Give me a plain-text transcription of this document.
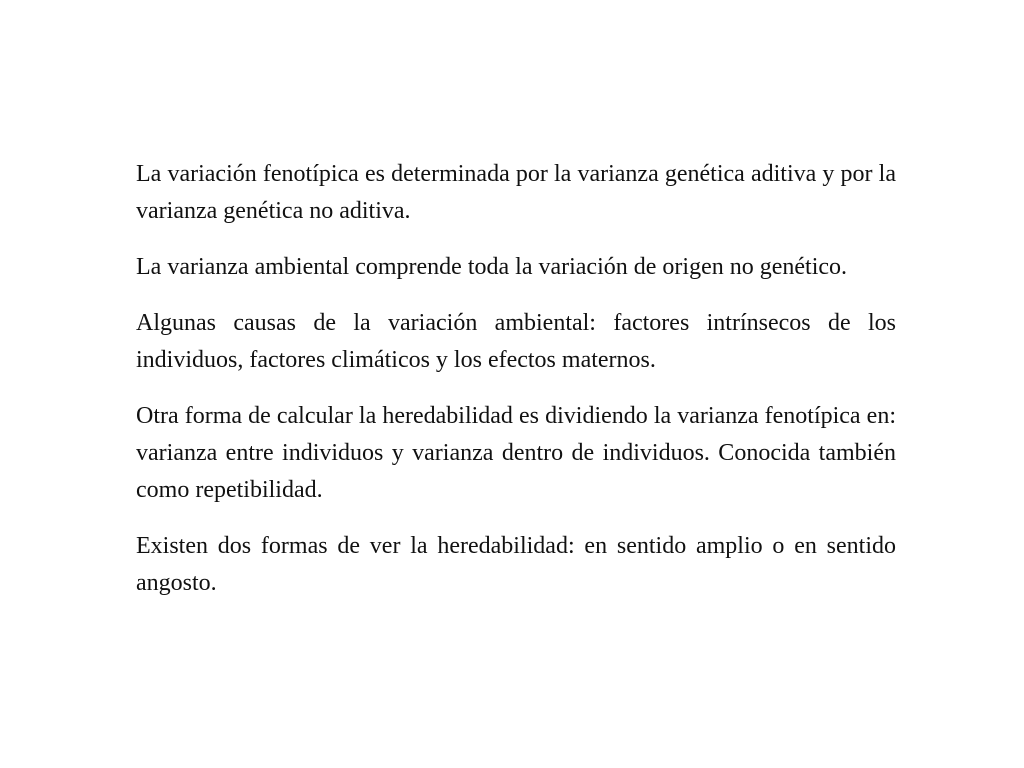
La variación fenotípica es determinada por la varianza genética aditiva y por la varianza genética no aditiva.

La varianza ambiental comprende toda la variación de origen no genético.

Algunas causas de la variación ambiental: factores intrínsecos de los individuos, factores climáticos y los efectos maternos.

Otra forma de calcular la heredabilidad es dividiendo la varianza fenotípica en: varianza entre individuos y varianza dentro de individuos. Conocida también como repetibilidad.

Existen dos formas de ver la heredabilidad: en sentido amplio o en sentido angosto.
